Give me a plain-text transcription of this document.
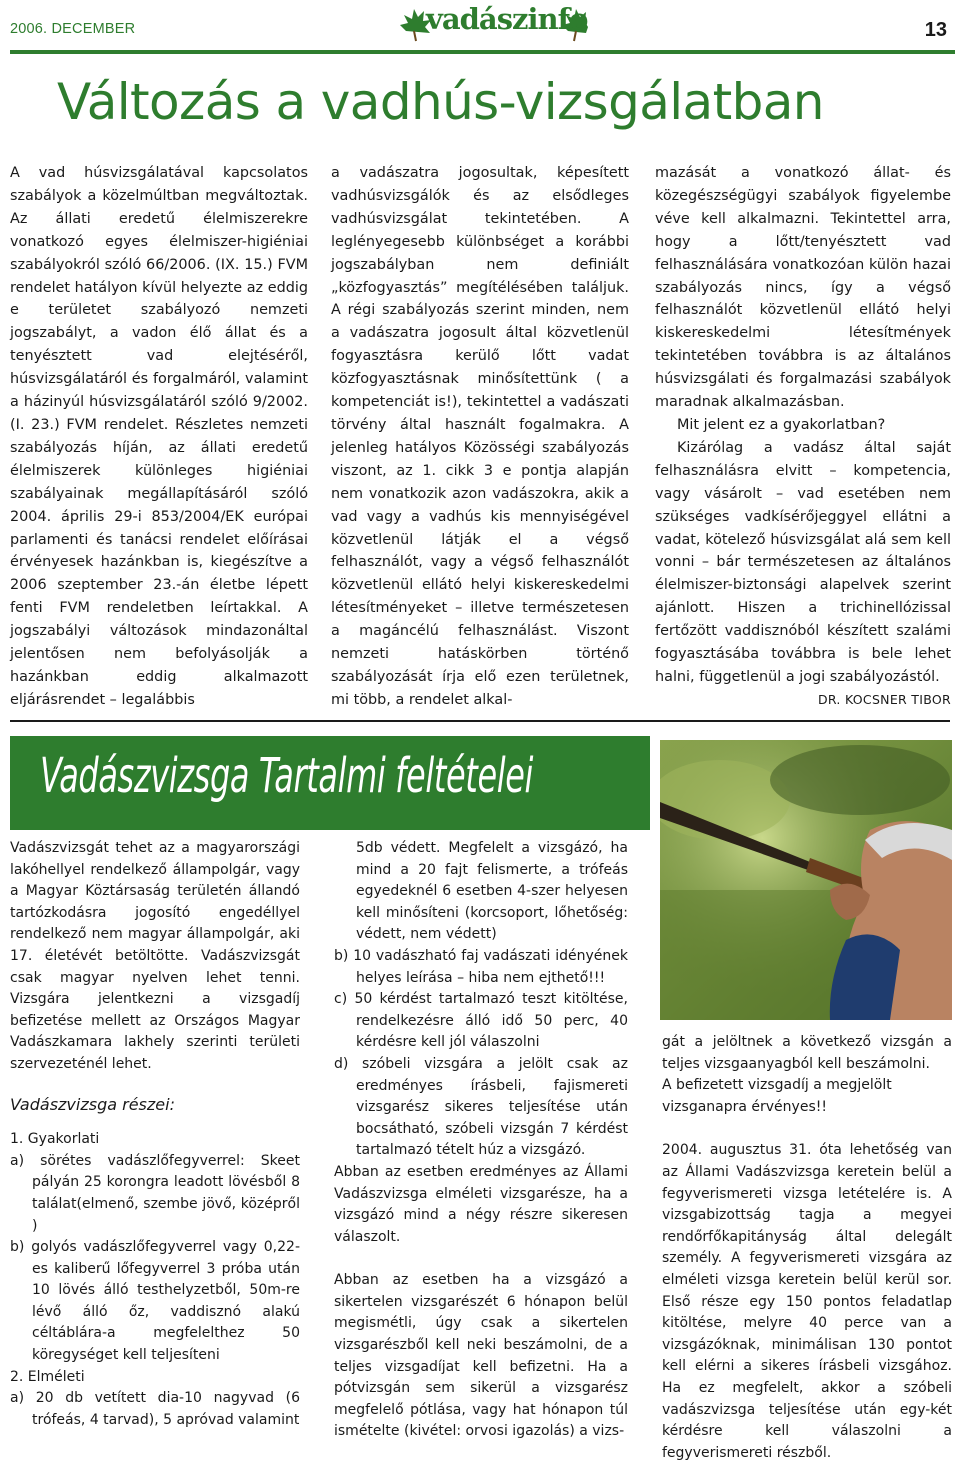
2006. DECEMBER	vadászinfo	13
Változás a vadhús-vizsgálatban

A vad húsvizsgálatával kapcsolatos szabályok a közelmúltban megváltoztak. Az állati eredetű élelmiszerekre vonatkozó egyes élelmiszer-higiéniai szabályokról szóló 66/2006. (IX. 15.) FVM rendelet hatályon kívül helyezte az eddig e területet szabályozó nemzeti jogszabályt, a vadon élő állat és a tenyésztett vad elejtéséről, húsvizsgálatáról és forgalmáról, valamint a házinyúl húsvizsgálatáról szóló 9/2002. (I. 23.) FVM rendelet. Részletes nemzeti szabályozás híján, az állati eredetű élelmiszerek különleges higiéniai szabályainak megállapításáról szóló 2004. április 29-i 853/2004/EK európai parlamenti és tanácsi rendelet előírásai érvényesek hazánkban is, kiegészítve a 2006 szeptember 23.-án életbe lépett fenti FVM rendeletben leírtakkal. A jogszabályi változások mindazonáltal jelentősen nem befolyásolják a hazánkban eddig alkalmazott eljárásrendet – legalábbis

a vadászatra jogosultak, képesített vadhúsvizsgálók és az elsődleges vadhúsvizsgálat tekintetében. A leglényegesebb különbséget a korábbi jogszabályban nem definiált „közfogyasztás” megítélésében találjuk. A régi szabályozás szerint minden, nem a vadászatra jogosult által közvetlenül fogyasztásra kerülő lőtt vadat közfogyasztásnak minősítettünk ( a kompetenciát is!), tekintettel a vadászati törvény által használt fogalmakra. A jelenleg hatályos Közösségi szabályozás viszont, az 1. cikk 3 e pontja alapján nem vonatkozik azon vadászokra, akik a vad vagy a vadhús kis mennyiségével közvetlenül látják el a végső felhasználót, vagy a végső felhasználót közvetlenül ellátó helyi kiskereskedelmi létesítményeket – illetve természetesen a magáncélú felhasználást. Viszont nemzeti hatáskörben történő szabályozását írja elő ezen területnek, mi több, a rendelet alkal-

mazását a vonatkozó állat- és közegészségügyi szabályok figyelembe véve kell alkalmazni. Tekintettel arra, hogy a lőtt/tenyésztett vad felhasználására vonatkozóan külön hazai szabályozás nincs, így a végső felhasználót közvetlenül ellátó helyi kiskereskedelmi létesítmények tekintetében továbbra is az általános húsvizsgálati és forgalmazási szabályok maradnak alkalmazásban.

Mit jelent ez a gyakorlatban?

Kizárólag a vadász által saját felhasználásra elvitt – kompetencia, vagy vásárolt – vad esetében nem szükséges vadkísérőjeggyel ellátni a vadat, kötelező húsvizsgálat alá sem kell vonni – bár természetesen az általános élelmiszer-biztonsági alapelvek szerint ajánlott. Hiszen a trichinellózissal fertőzött vaddisznóból készített szalámi fogyasztásába továbbra is bele lehet halni, függetlenül a jogi szabályozástól.
DR. KOCSNER TIBOR

Vadászvizsga Tartalmi feltételei

Vadászvizsgát tehet az a magyarországi lakóhellyel rendelkező állampolgár, vagy a Magyar Köztársaság területén állandó tartózkodásra jogosító engedéllyel rendelkező nem magyar állampolgár, aki 17. életévét betöltötte. Vadászvizsgát csak magyar nyelven lehet tenni. Vizsgára jelentkezni a vizsgadíj befizetése mellett az Országos Magyar Vadászkamara lakhely szerinti területi szervezeténél lehet.

Vadászvizsga részei:

1. Gyakorlati

a) sörétes vadászlőfegyverrel: Skeet pályán 25 korongra leadott lövésből 8 találat(elmenő, szembe jövő, középről )

b) golyós vadászlőfegyverrel vagy 0,22-es kaliberű lőfegyverrel 3 próba után 10 lövés álló testhelyzetből, 50m-re lévő álló őz, vaddisznó alakú céltáblára-a megfelelthez 50 köregységet kell teljesíteni

2. Elméleti

a) 20 db vetített dia-10 nagyvad (6 trófeás, 4 tarvad), 5 apróvad valamint

5db védett. Megfelelt a vizsgázó, ha mind a 20 fajt felismerte, a trófeás egyedeknél 6 esetben 4-szer helyesen kell minősíteni (korcsoport, lőhetőség: védett, nem védett)

b) 10 vadászható faj vadászati idényének helyes leírása – hiba nem ejthető!!!

c) 50 kérdést tartalmazó teszt kitöltése, rendelkezésre álló idő 50 perc, 40 kérdésre kell jól válaszolni

d) szóbeli vizsgára a jelölt csak az eredményes írásbeli, fajismereti vizsgarész sikeres teljesítése után bocsátható, szóbeli vizsgán 7 kérdést tartalmazó tételt húz a vizsgázó.

Abban az esetben eredményes az Állami Vadászvizsga elméleti vizsgarésze, ha a vizsgázó mind a négy részre sikeresen válaszolt.

Abban az esetben ha a vizsgázó a sikertelen vizsgarészét 6 hónapon belül megismétli, úgy csak a sikertelen vizsgarészből kell neki beszámolni, de a teljes vizsgadíjat kell befizetni. Ha a pótvizsgán sem sikerül a vizsgarész megfelelő pótlása, vagy hat hónapon túl ismételte (kivétel: orvosi igazolás) a vizs-

gát a jelöltnek a következő vizsgán a teljes vizsgaanyagból kell beszámolni.

A befizetett vizsgadíj a megjelölt vizsganapra érvényes!!

2004. augusztus 31. óta lehetőség van az Állami Vadászvizsga keretein belül a fegyverismereti vizsga letételére is. A vizsgabizottság tagja a megyei rendőrfőkapitányság által delegált személy. A fegyverismereti vizsgára az elméleti vizsga keretein belül kerül sor. Első része egy 150 pontos feladatlap kitöltése, melyre 40 perce van a vizsgázóknak, minimálisan 130 pontot kell elérni a sikeres írásbeli vizsgához. Ha ez megfelelt, akkor a szóbeli vadászvizsga teljesítése után egy-két kérdésre kell válaszolni a fegyverismereti részből.
